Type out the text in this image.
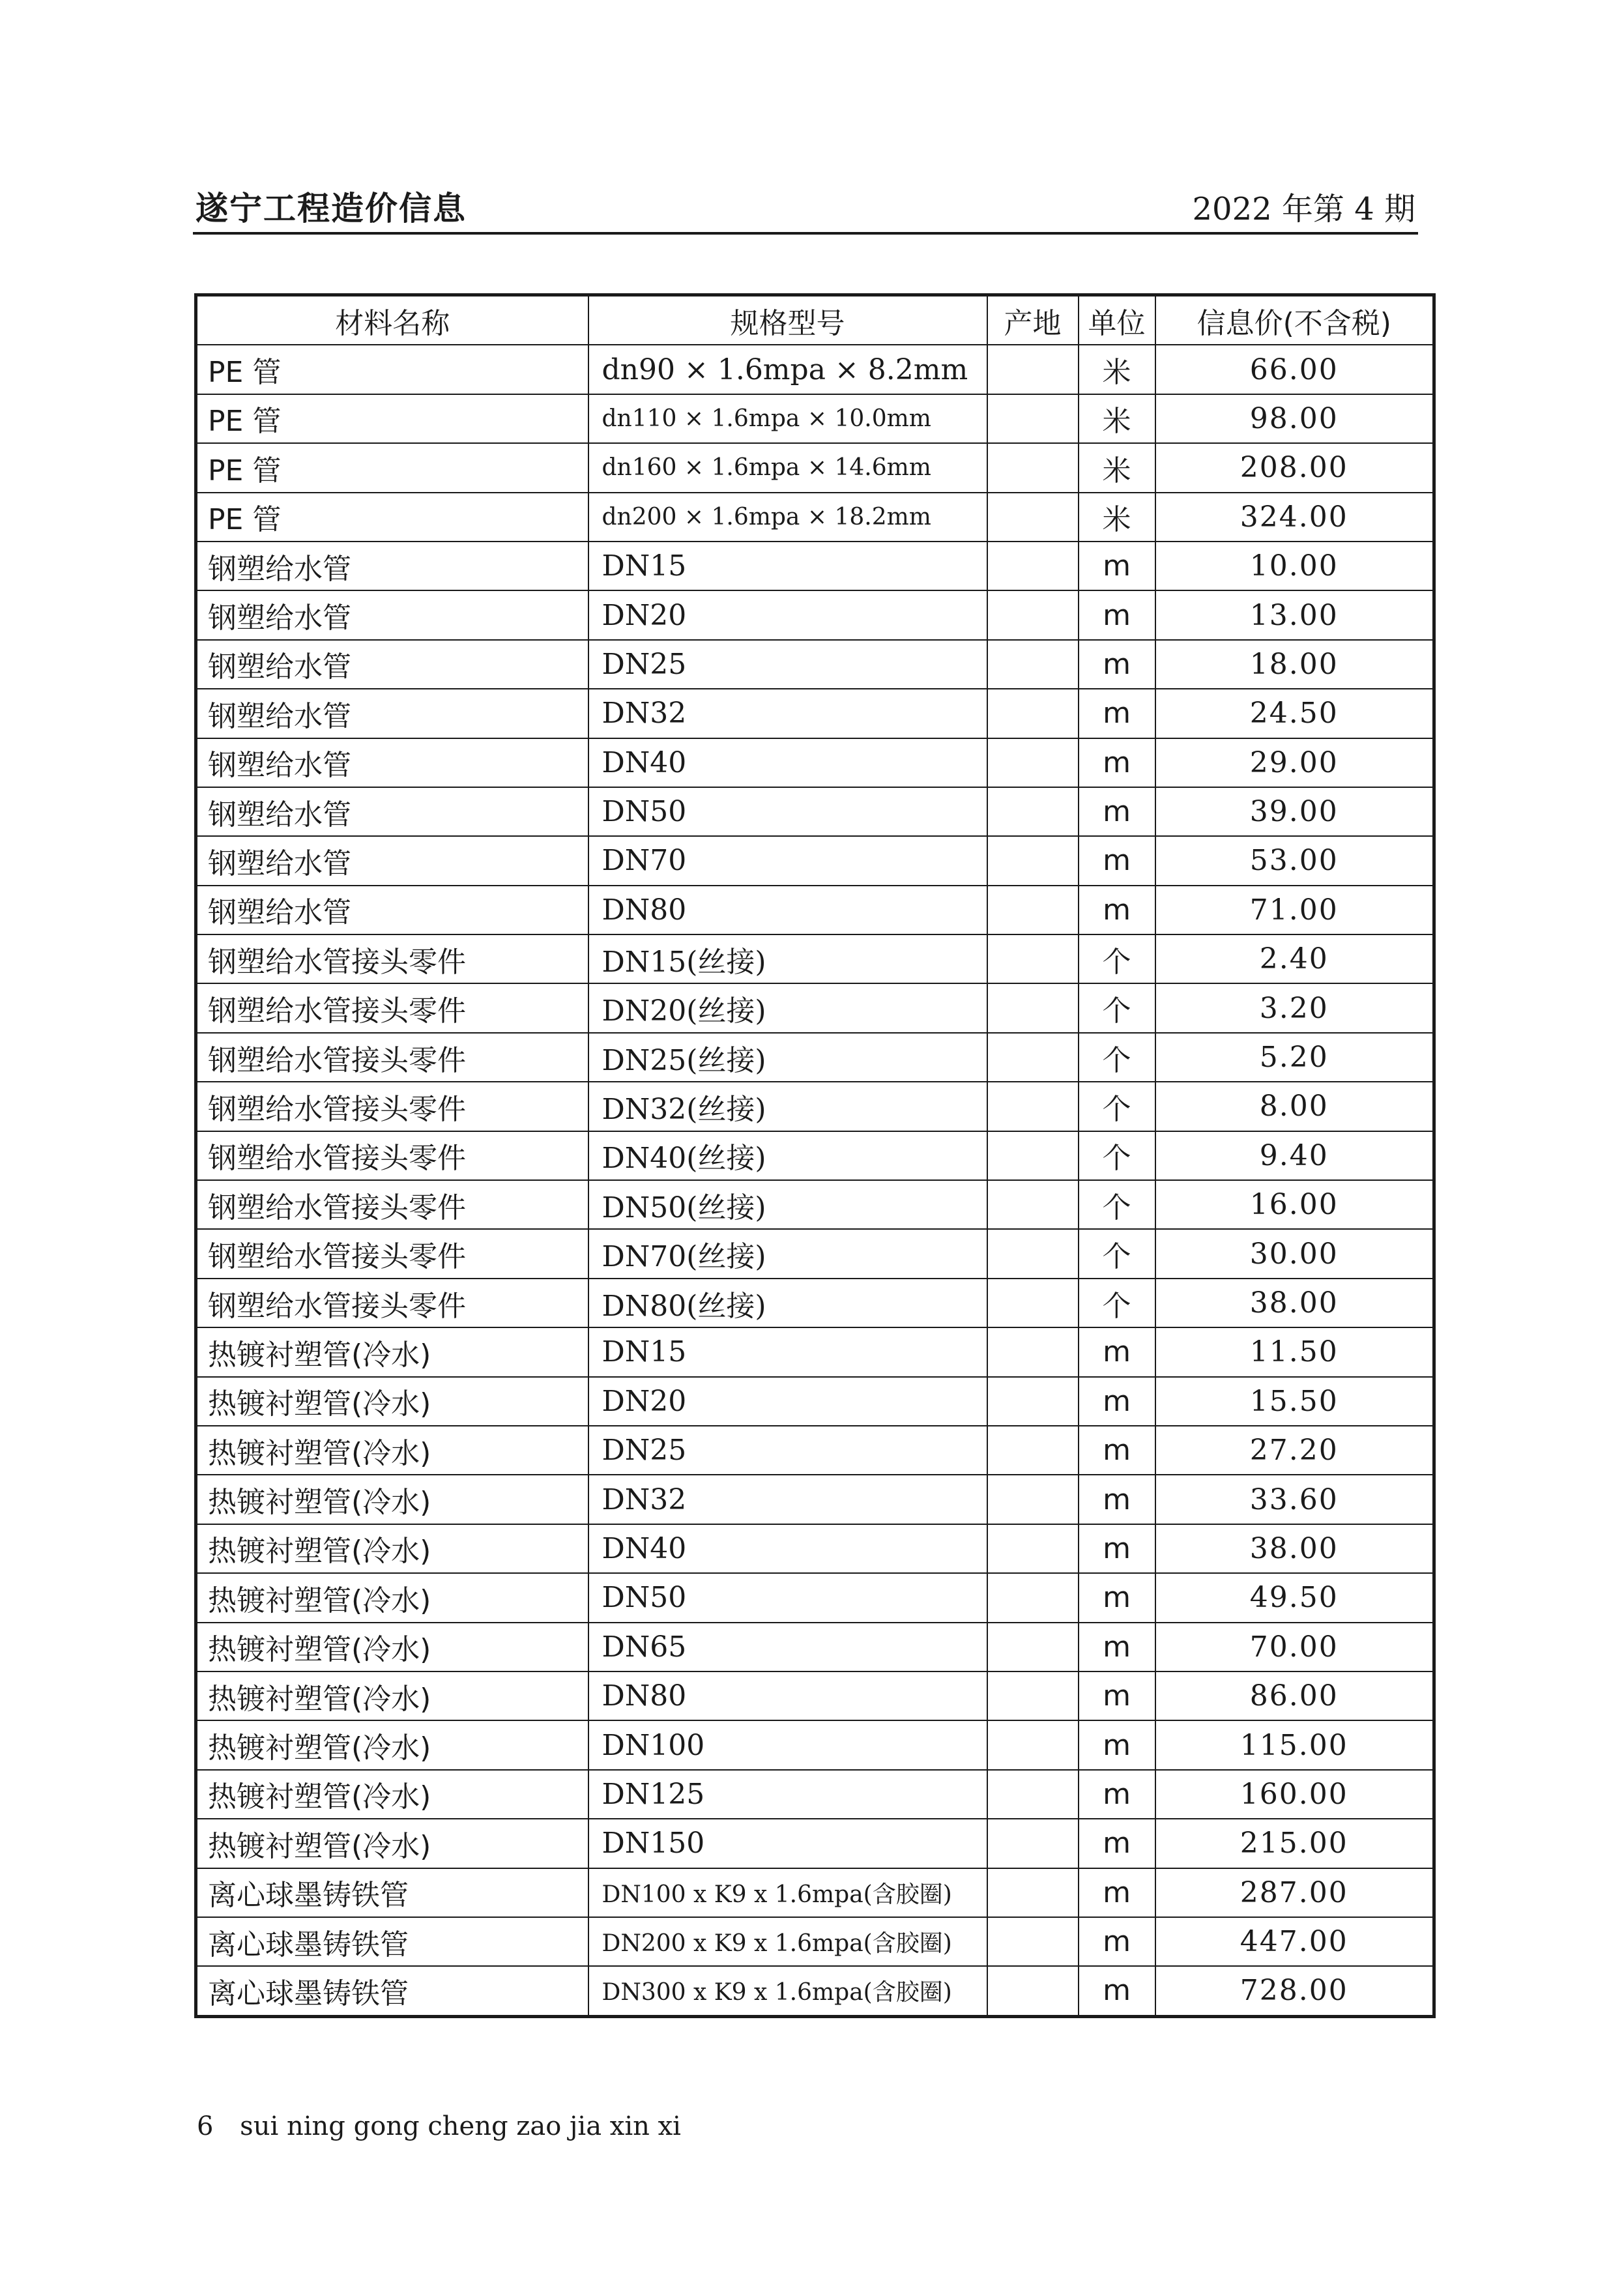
遂宁工程造价信息	2022 年第 4 期
材料名称	规格型号	产地	单位	信息价(不含税)
PE 管	dn90 × 1.6mpa × 8.2mm		米	66.00
PE 管	dn110 × 1.6mpa × 10.0mm		米	98.00
PE 管	dn160 × 1.6mpa × 14.6mm		米	208.00
PE 管	dn200 × 1.6mpa × 18.2mm		米	324.00
钢塑给水管	DN15		m	10.00
钢塑给水管	DN20		m	13.00
钢塑给水管	DN25		m	18.00
钢塑给水管	DN32		m	24.50
钢塑给水管	DN40		m	29.00
钢塑给水管	DN50		m	39.00
钢塑给水管	DN70		m	53.00
钢塑给水管	DN80		m	71.00
钢塑给水管接头零件	DN15(丝接)		个	2.40
钢塑给水管接头零件	DN20(丝接)		个	3.20
钢塑给水管接头零件	DN25(丝接)		个	5.20
钢塑给水管接头零件	DN32(丝接)		个	8.00
钢塑给水管接头零件	DN40(丝接)		个	9.40
钢塑给水管接头零件	DN50(丝接)		个	16.00
钢塑给水管接头零件	DN70(丝接)		个	30.00
钢塑给水管接头零件	DN80(丝接)		个	38.00
热镀衬塑管(冷水)	DN15		m	11.50
热镀衬塑管(冷水)	DN20		m	15.50
热镀衬塑管(冷水)	DN25		m	27.20
热镀衬塑管(冷水)	DN32		m	33.60
热镀衬塑管(冷水)	DN40		m	38.00
热镀衬塑管(冷水)	DN50		m	49.50
热镀衬塑管(冷水)	DN65		m	70.00
热镀衬塑管(冷水)	DN80		m	86.00
热镀衬塑管(冷水)	DN100		m	115.00
热镀衬塑管(冷水)	DN125		m	160.00
热镀衬塑管(冷水)	DN150		m	215.00
离心球墨铸铁管	DN100 x K9 x 1.6mpa(含胶圈)		m	287.00
离心球墨铸铁管	DN200 x K9 x 1.6mpa(含胶圈)		m	447.00
离心球墨铸铁管	DN300 x K9 x 1.6mpa(含胶圈)		m	728.00
6 sui ning gong cheng zao jia xin xi
